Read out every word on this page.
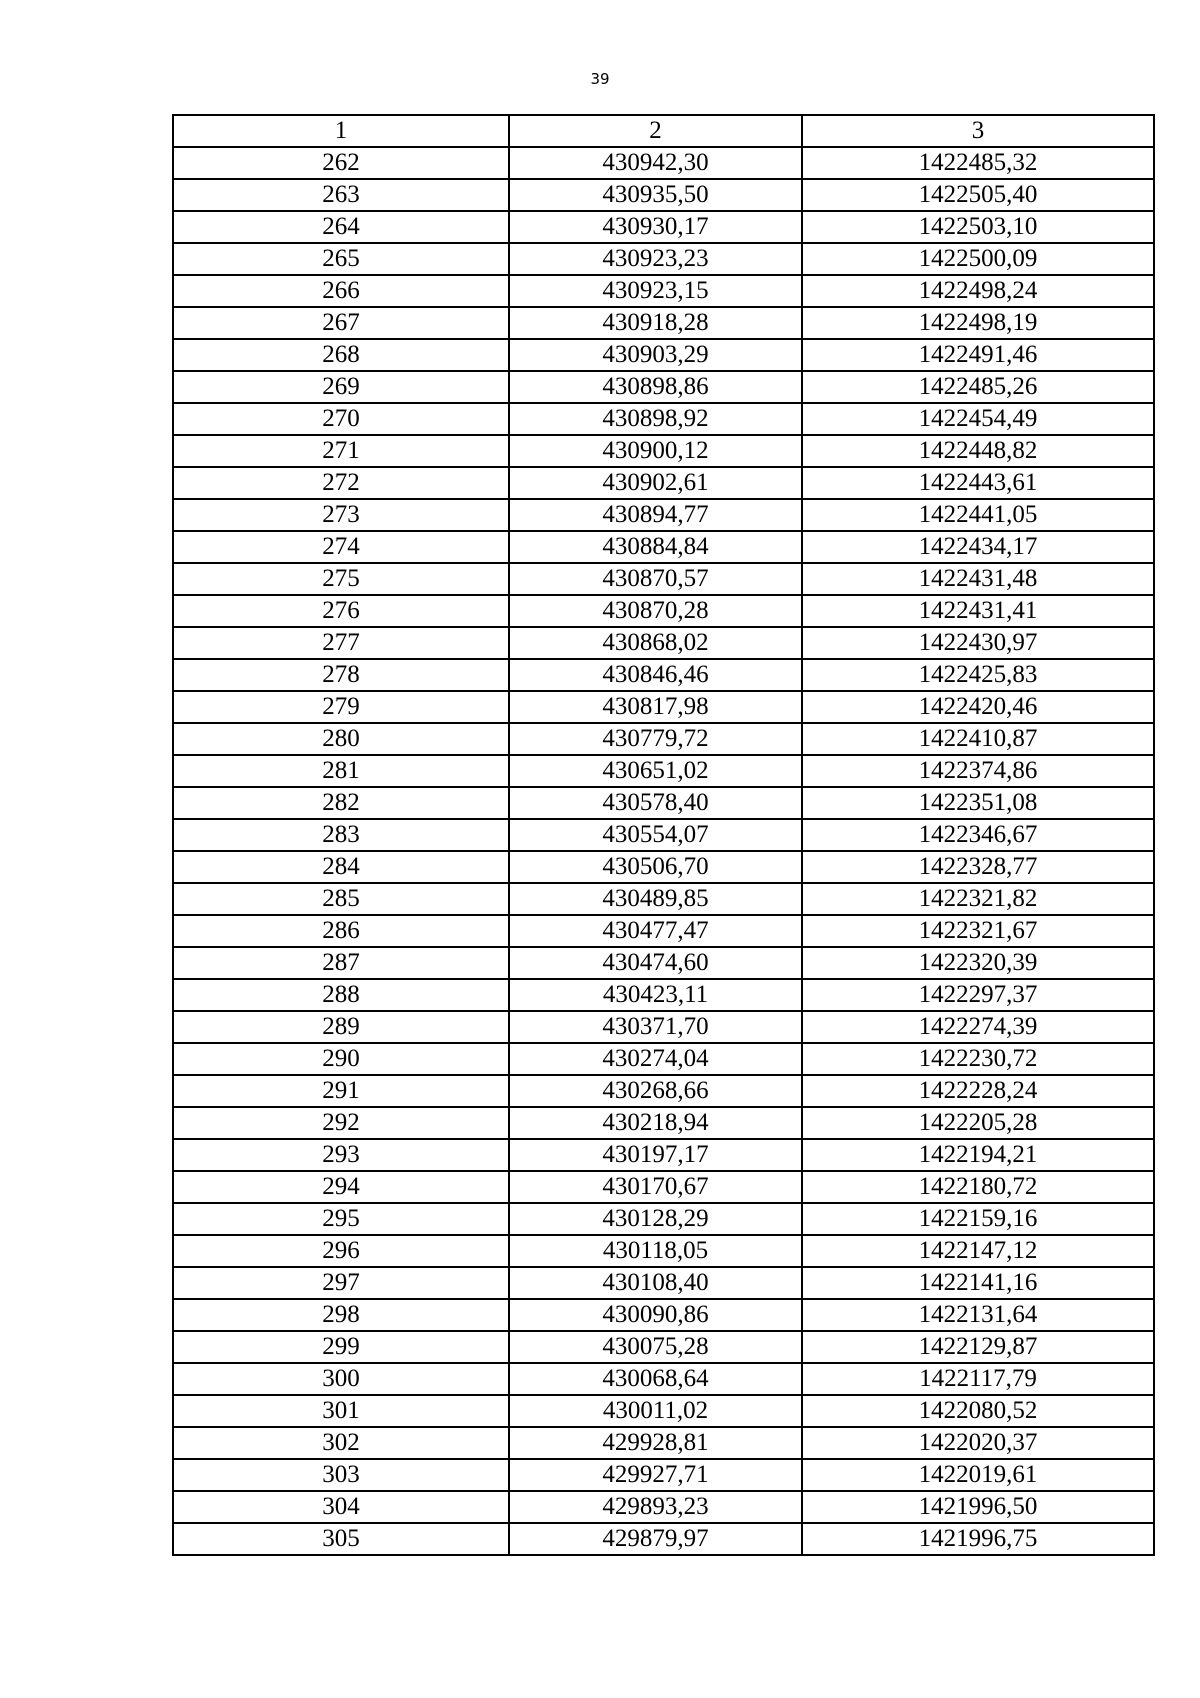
39
1	2	3
262	430942,30	1422485,32
263	430935,50	1422505,40
264	430930,17	1422503,10
265	430923,23	1422500,09
266	430923,15	1422498,24
267	430918,28	1422498,19
268	430903,29	1422491,46
269	430898,86	1422485,26
270	430898,92	1422454,49
271	430900,12	1422448,82
272	430902,61	1422443,61
273	430894,77	1422441,05
274	430884,84	1422434,17
275	430870,57	1422431,48
276	430870,28	1422431,41
277	430868,02	1422430,97
278	430846,46	1422425,83
279	430817,98	1422420,46
280	430779,72	1422410,87
281	430651,02	1422374,86
282	430578,40	1422351,08
283	430554,07	1422346,67
284	430506,70	1422328,77
285	430489,85	1422321,82
286	430477,47	1422321,67
287	430474,60	1422320,39
288	430423,11	1422297,37
289	430371,70	1422274,39
290	430274,04	1422230,72
291	430268,66	1422228,24
292	430218,94	1422205,28
293	430197,17	1422194,21
294	430170,67	1422180,72
295	430128,29	1422159,16
296	430118,05	1422147,12
297	430108,40	1422141,16
298	430090,86	1422131,64
299	430075,28	1422129,87
300	430068,64	1422117,79
301	430011,02	1422080,52
302	429928,81	1422020,37
303	429927,71	1422019,61
304	429893,23	1421996,50
305	429879,97	1421996,75
